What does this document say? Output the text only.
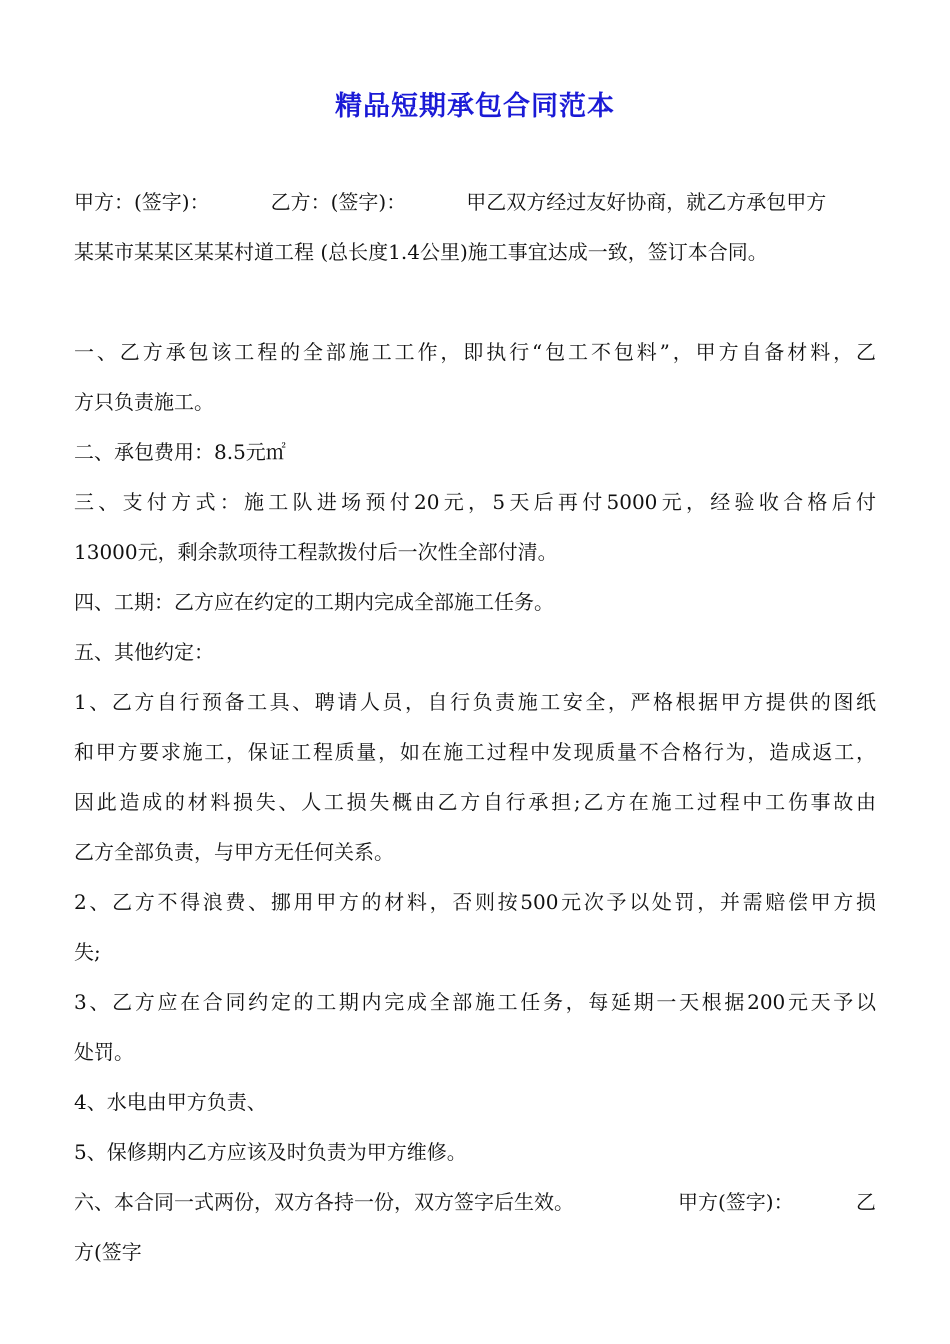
精品短期承包合同范本
甲方：(签字)：	乙方：(签字)：	甲乙双方经过友好协商，就乙方承包甲方
某某市某某区某某村道工程 (总长度1.4公里)施工事宜达成一致，签订本合同。
一、乙方承包该工程的全部施工工作，即执行“包工不包料”，甲方自备材料，乙
方只负责施工。
二、承包费用：8.5元㎡
三、支付方式：施工队进场预付20元，5天后再付5000元，经验收合格后付
13000元，剩余款项待工程款拨付后一次性全部付清。
四、工期：乙方应在约定的工期内完成全部施工任务。
五、其他约定：
1、乙方自行预备工具、聘请人员，自行负责施工安全，严格根据甲方提供的图纸
和甲方要求施工，保证工程质量，如在施工过程中发现质量不合格行为，造成返工，
因此造成的材料损失、人工损失概由乙方自行承担;乙方在施工过程中工伤事故由
乙方全部负责，与甲方无任何关系。
2、乙方不得浪费、挪用甲方的材料，否则按500元次予以处罚，并需赔偿甲方损
失;
3、乙方应在合同约定的工期内完成全部施工任务，每延期一天根据200元天予以
处罚。
4、水电由甲方负责、
5、保修期内乙方应该及时负责为甲方维修。
六、本合同一式两份，双方各持一份，双方签字后生效。	甲方(签字)：	乙
方(签字
